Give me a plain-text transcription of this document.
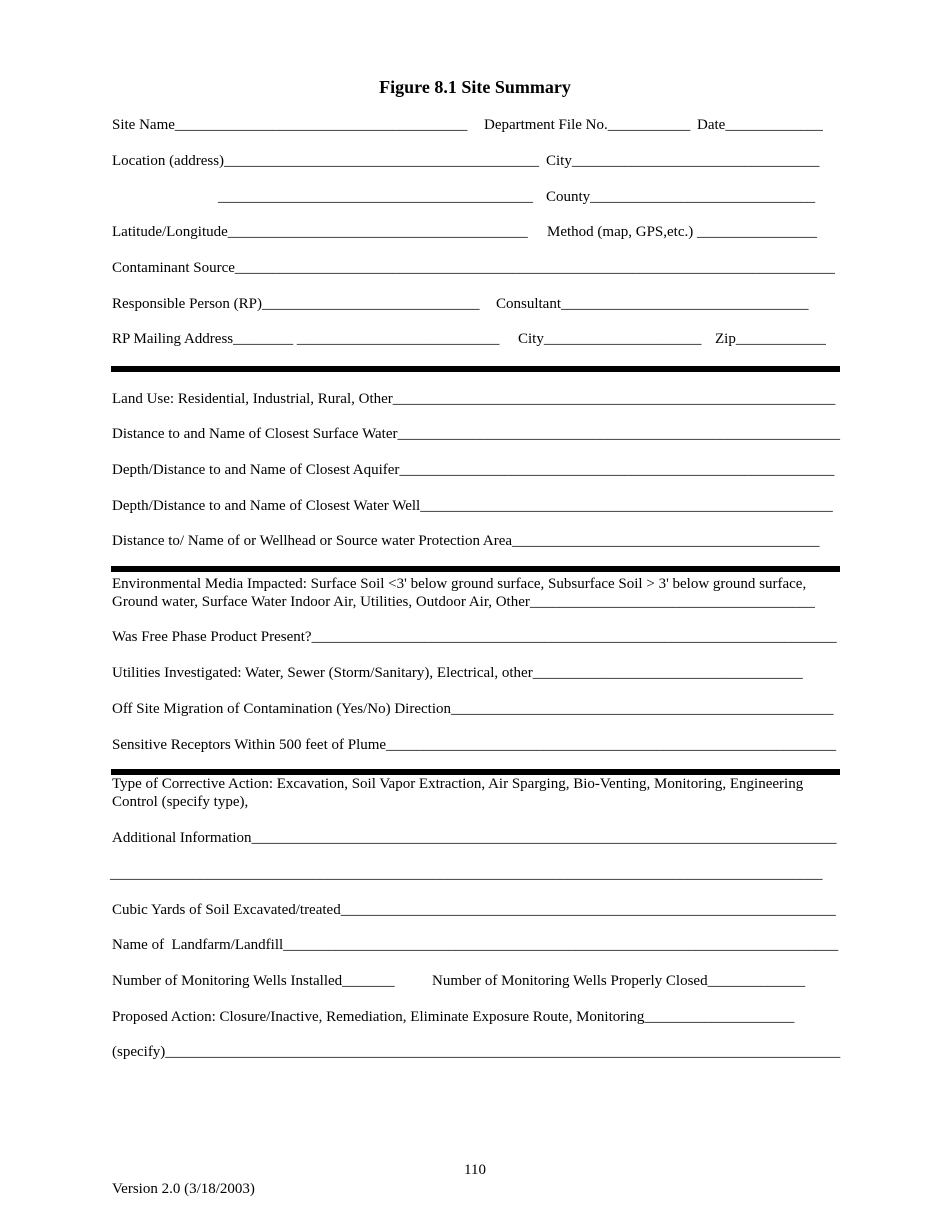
Figure 8.1 Site Summary
Site Name_______________________________________ Department File No.___________ Date_____________
Location (address)__________________________________________ City_________________________________
__________________________________________ County______________________________
Latitude/Longitude________________________________________ Method (map, GPS,etc.) ________________
Contaminant Source________________________________________________________________________________
Responsible Person (RP)_____________________________ Consultant_________________________________
RP Mailing Address________ ___________________________ City_____________________ Zip____________
Land Use: Residential, Industrial, Rural, Other___________________________________________________________
Distance to and Name of Closest Surface Water___________________________________________________________
Depth/Distance to and Name of Closest Aquifer__________________________________________________________
Depth/Distance to and Name of Closest Water Well_______________________________________________________
Distance to/ Name of or Wellhead or Source water Protection Area_________________________________________
Environmental Media Impacted: Surface Soil <3' below ground surface, Subsurface Soil > 3' below ground surface, Ground water, Surface Water Indoor Air, Utilities, Outdoor Air, Other______________________________________
Was Free Phase Product Present?______________________________________________________________________
Utilities Investigated: Water, Sewer (Storm/Sanitary), Electrical, other____________________________________
Off Site Migration of Contamination (Yes/No) Direction___________________________________________________
Sensitive Receptors Within 500 feet of Plume____________________________________________________________
Type of Corrective Action: Excavation, Soil Vapor Extraction, Air Sparging, Bio-Venting, Monitoring, Engineering Control (specify type),
Additional Information______________________________________________________________________________
_______________________________________________________________________________________________
Cubic Yards of Soil Excavated/treated__________________________________________________________________
Name of  Landfarm/Landfill__________________________________________________________________________
Number of Monitoring Wells Installed_______ Number of Monitoring Wells Properly Closed_____________
Proposed Action: Closure/Inactive, Remediation, Eliminate Exposure Route, Monitoring____________________
(specify)__________________________________________________________________________________________
110
Version 2.0 (3/18/2003)
